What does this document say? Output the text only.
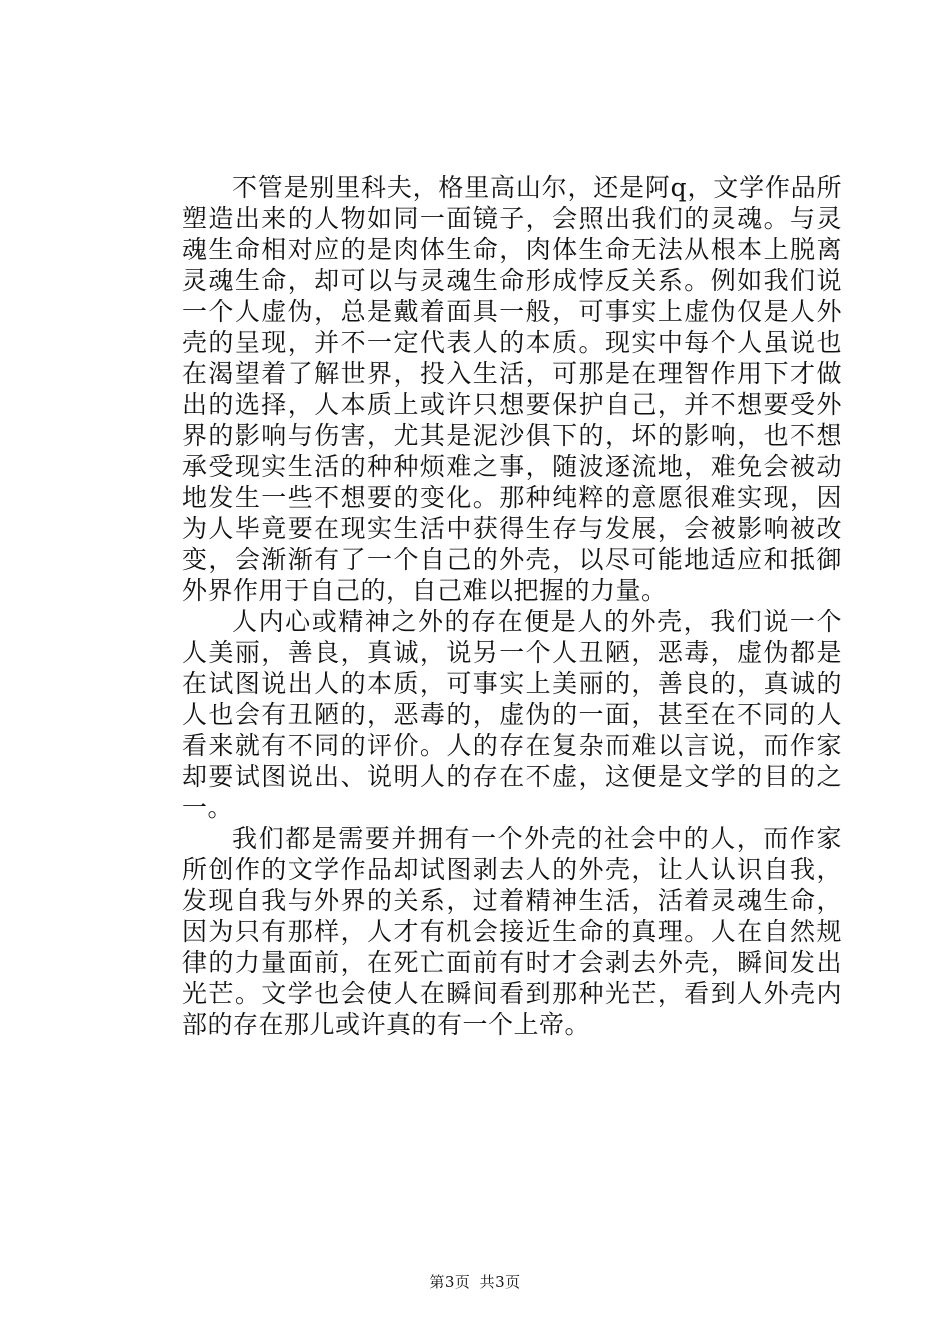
不管是别里科夫，格里高山尔，还是阿q，文学作品所塑造出来的人物如同一面镜子，会照出我们的灵魂。与灵魂生命相对应的是肉体生命，肉体生命无法从根本上脱离灵魂生命，却可以与灵魂生命形成悖反关系。例如我们说一个人虚伪，总是戴着面具一般，可事实上虚伪仅是人外壳的呈现，并不一定代表人的本质。现实中每个人虽说也在渴望着了解世界，投入生活，可那是在理智作用下才做出的选择，人本质上或许只想要保护自己，并不想要受外界的影响与伤害，尤其是泥沙俱下的，坏的影响，也不想承受现实生活的种种烦难之事，随波逐流地，难免会被动地发生一些不想要的变化。那种纯粹的意愿很难实现，因为人毕竟要在现实生活中获得生存与发展，会被影响被改变，会渐渐有了一个自己的外壳，以尽可能地适应和抵御外界作用于自己的，自己难以把握的力量。

人内心或精神之外的存在便是人的外壳，我们说一个人美丽，善良，真诚，说另一个人丑陋，恶毒，虚伪都是在试图说出人的本质，可事实上美丽的，善良的，真诚的人也会有丑陋的，恶毒的，虚伪的一面，甚至在不同的人看来就有不同的评价。人的存在复杂而难以言说，而作家却要试图说出、说明人的存在不虚，这便是文学的目的之一。

我们都是需要并拥有一个外壳的社会中的人，而作家所创作的文学作品却试图剥去人的外壳，让人认识自我，发现自我与外界的关系，过着精神生活，活着灵魂生命，因为只有那样，人才有机会接近生命的真理。人在自然规律的力量面前，在死亡面前有时才会剥去外壳，瞬间发出光芒。文学也会使人在瞬间看到那种光芒，看到人外壳内部的存在那儿或许真的有一个上帝。

第3页 共3页
